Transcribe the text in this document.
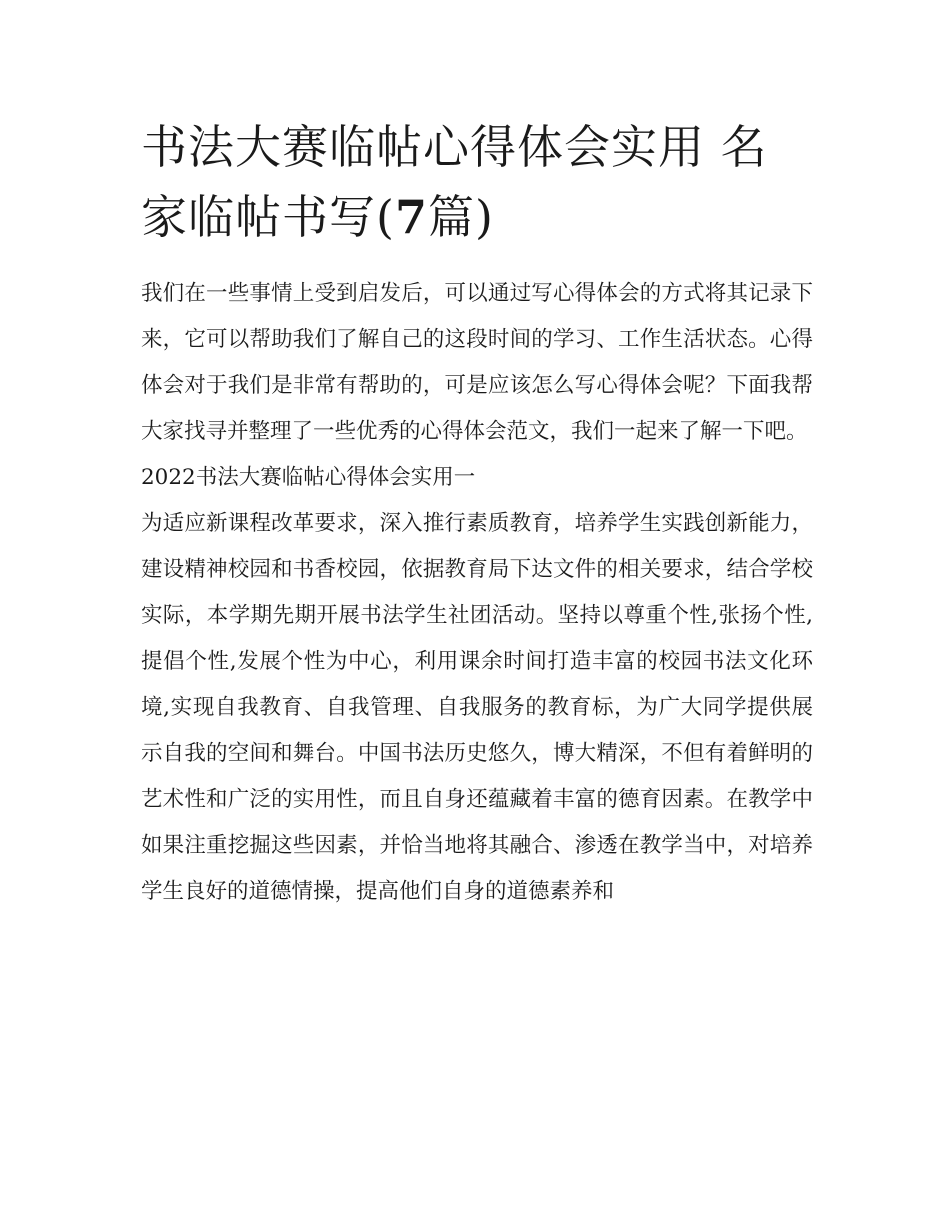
书法大赛临帖心得体会实用 名家临帖书写(7篇)

我们在一些事情上受到启发后，可以通过写心得体会的方式将其记录下来，它可以帮助我们了解自己的这段时间的学习、工作生活状态。心得体会对于我们是非常有帮助的，可是应该怎么写心得体会呢？下面我帮大家找寻并整理了一些优秀的心得体会范文，我们一起来了解一下吧。

2022书法大赛临帖心得体会实用一

为适应新课程改革要求，深入推行素质教育，培养学生实践创新能力，建设精神校园和书香校园，依据教育局下达文件的相关要求，结合学校实际，本学期先期开展书法学生社团活动。坚持以尊重个性,张扬个性,提倡个性,发展个性为中心，利用课余时间打造丰富的校园书法文化环境,实现自我教育、自我管理、自我服务的教育标，为广大同学提供展示自我的空间和舞台。中国书法历史悠久，博大精深，不但有着鲜明的艺术性和广泛的实用性，而且自身还蕴藏着丰富的德育因素。在教学中如果注重挖掘这些因素，并恰当地将其融合、渗透在教学当中，对培养学生良好的道德情操，提高他们自身的道德素养和
